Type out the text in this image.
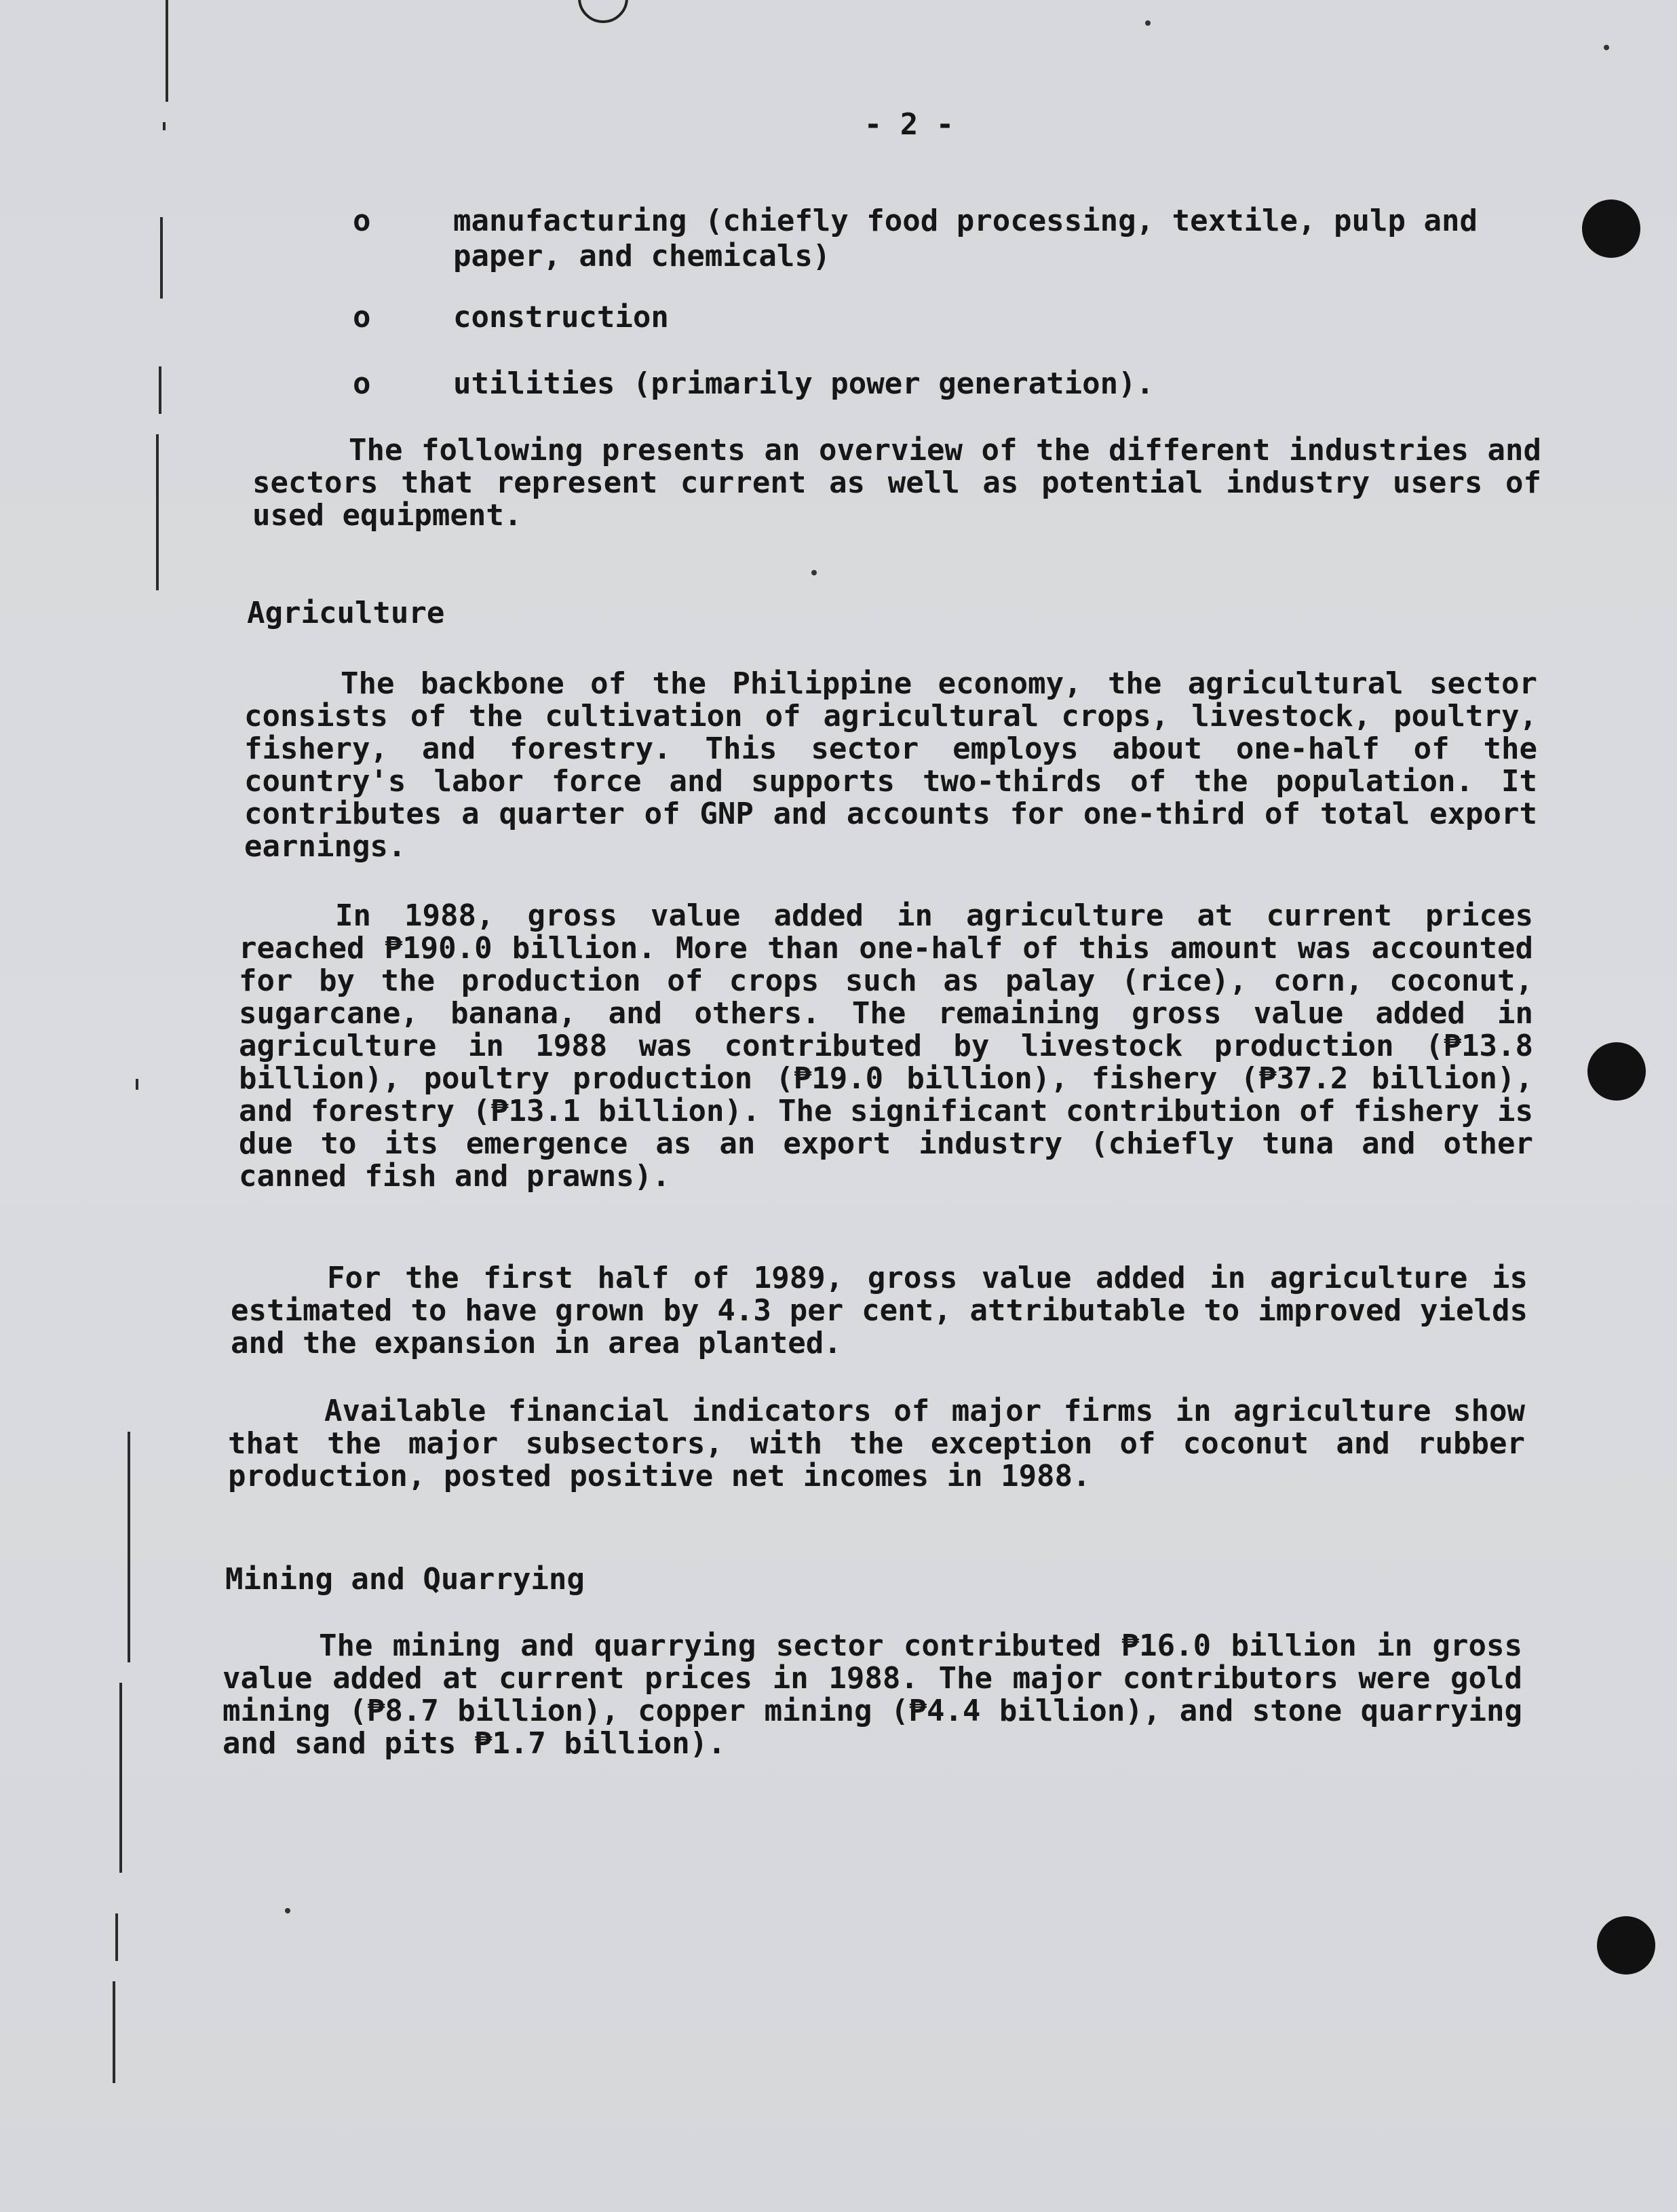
- 2 -
o	manufacturing (chiefly food processing, textile, pulp and paper, and chemicals)
o	construction
o	utilities (primarily power generation).

The following presents an overview of the different industries and sectors that represent current as well as potential industry users of used equipment.

Agriculture

The backbone of the Philippine economy, the agricultural sector consists of the cultivation of agricultural crops, livestock, poultry, fishery, and forestry. This sector employs about one-half of the country's labor force and supports two-thirds of the population. It contributes a quarter of GNP and accounts for one-third of total export earnings.

In 1988, gross value added in agriculture at current prices reached ₱190.0 billion. More than one-half of this amount was accounted for by the production of crops such as palay (rice), corn, coconut, sugarcane, banana, and others. The remaining gross value added in agriculture in 1988 was contributed by livestock production (₱13.8 billion), poultry production (₱19.0 billion), fishery (₱37.2 billion), and forestry (₱13.1 billion). The significant contribution of fishery is due to its emergence as an export industry (chiefly tuna and other canned fish and prawns).

For the first half of 1989, gross value added in agriculture is estimated to have grown by 4.3 per cent, attributable to improved yields and the expansion in area planted.

Available financial indicators of major firms in agriculture show that the major subsectors, with the exception of coconut and rubber production, posted positive net incomes in 1988.

Mining and Quarrying

The mining and quarrying sector contributed ₱16.0 billion in gross value added at current prices in 1988. The major contributors were gold mining (₱8.7 billion), copper mining (₱4.4 billion), and stone quarrying and sand pits ₱1.7 billion).
